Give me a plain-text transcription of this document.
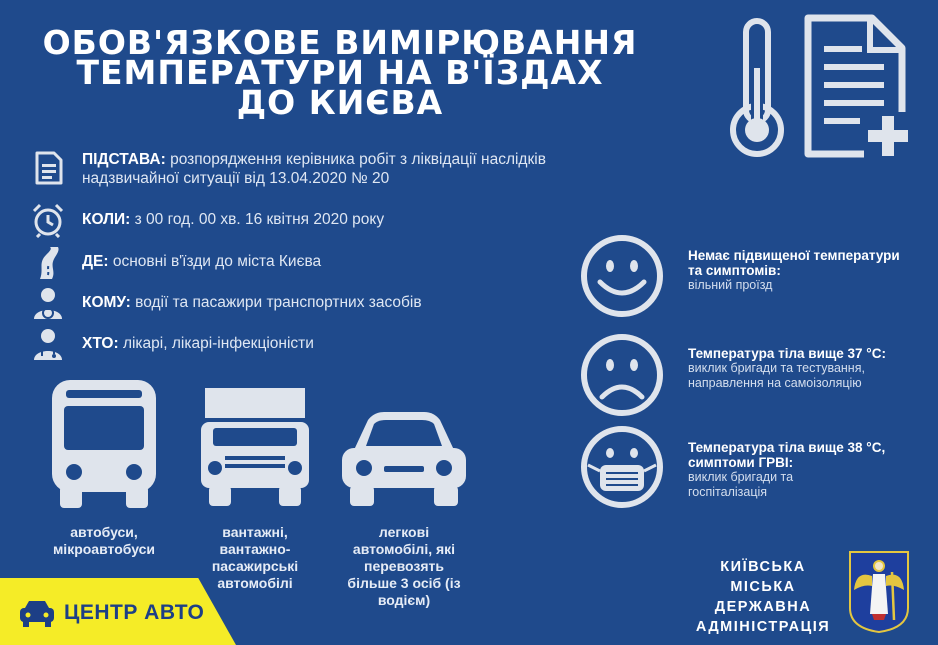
ОБОВ'ЯЗКОВЕ ВИМІРЮВАННЯ
ТЕМПЕРАТУРИ НА В'ЇЗДАХ
ДО КИЄВА
ПІДСТАВА: розпорядження керівника робіт з ліквідації наслідків надзвичайної ситуації від 13.04.2020 № 20
КОЛИ: з 00 год. 00 хв. 16 квітня 2020 року
ДЕ: основні в'їзди до міста Києва
КОМУ: водії та пасажири транспортних засобів
ХТО: лікарі, лікарі-інфекціоністи
автобуси, мікроавтобуси
вантажні, вантажно-пасажирські автомобілі
легкові автомобілі, які перевозять більше 3 осіб (із водієм)
Немає підвищеної температури та симптомів:
вільний проїзд
Температура тіла вище 37 °С:
виклик бригади та тестування, направлення на самоізоляцію
Температура тіла вище 38 °С, симптоми ГРВІ:
виклик бригади та госпіталізація
ЦЕНТР АВТО
КИЇВСЬКА
МІСЬКА
ДЕРЖАВНА
АДМІНІСТРАЦІЯ
